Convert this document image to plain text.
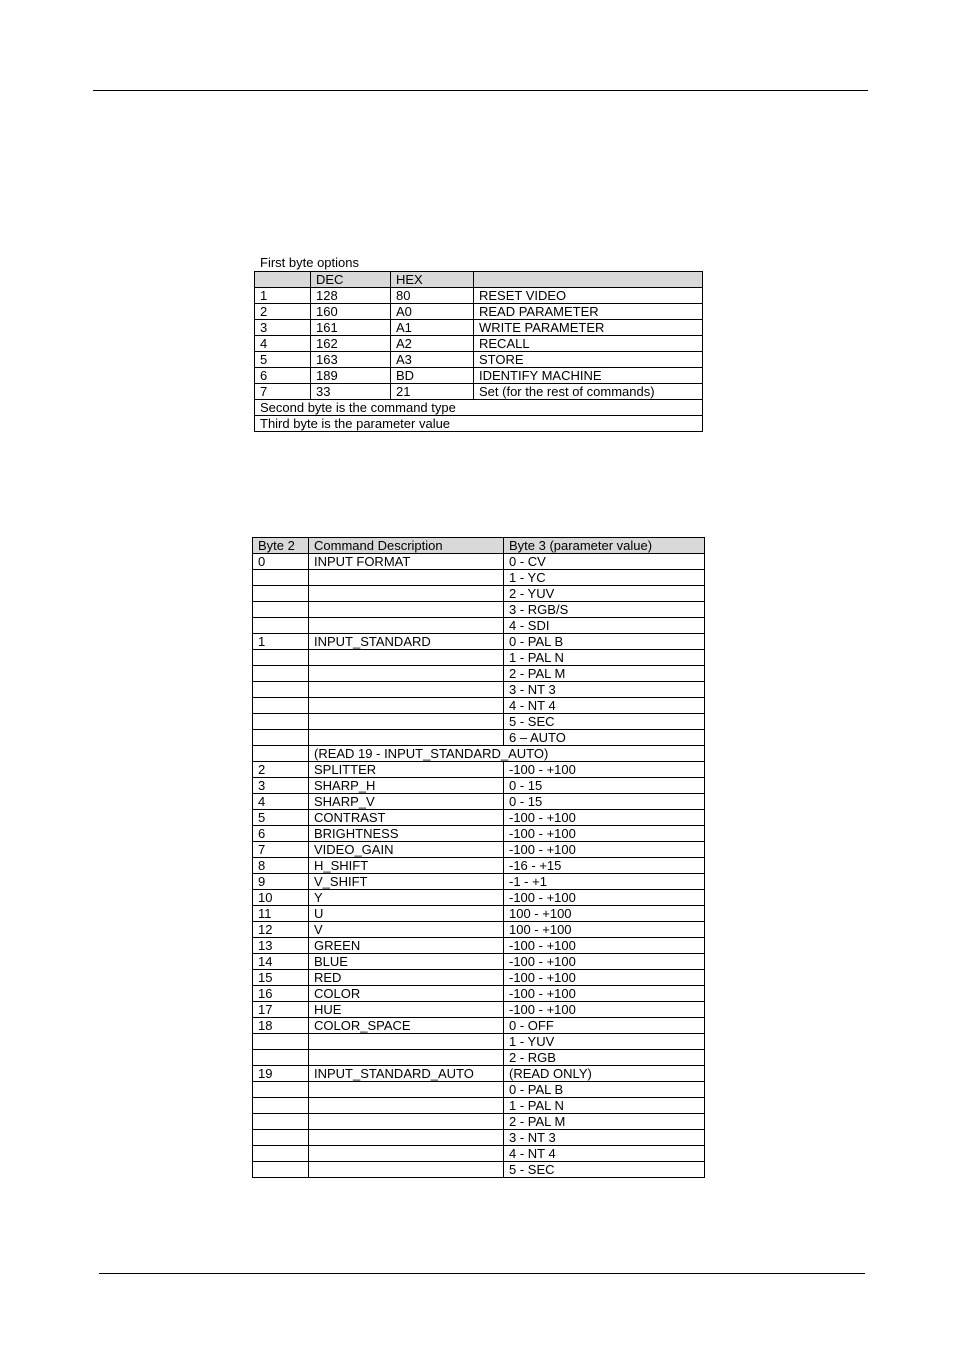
First byte options
	DEC	HEX	
1	128	80	RESET VIDEO
2	160	A0	READ PARAMETER
3	161	A1	WRITE PARAMETER
4	162	A2	RECALL
5	163	A3	STORE
6	189	BD	IDENTIFY MACHINE
7	33	21	Set (for the rest of commands)
Second byte is the command type			
Third byte is the parameter value			
Byte 2	Command Description	Byte 3 (parameter value)
0	INPUT FORMAT	0 - CV
		1 - YC
		2 - YUV
		3 - RGB/S
		4 - SDI
1	INPUT_STANDARD	0 - PAL B
		1 - PAL N
		2 - PAL M
		3 - NT 3
		4 - NT 4
		5 - SEC
		6 – AUTO
	(READ 19 - INPUT_STANDARD_AUTO)	
2	SPLITTER	-100 - +100
3	SHARP_H	0 - 15
4	SHARP_V	0 - 15
5	CONTRAST	-100 - +100
6	BRIGHTNESS	-100 - +100
7	VIDEO_GAIN	-100 - +100
8	H_SHIFT	-16 - +15
9	V_SHIFT	-1 - +1
10	Y	-100 - +100
11	U	100 - +100
12	V	100 - +100
13	GREEN	-100 - +100
14	BLUE	-100 - +100
15	RED	-100 - +100
16	COLOR	-100 - +100
17	HUE	-100 - +100
18	COLOR_SPACE	0 - OFF
		1 - YUV
		2 - RGB
19	INPUT_STANDARD_AUTO	(READ ONLY)
		0 - PAL B
		1 - PAL N
		2 - PAL M
		3 - NT 3
		4 - NT 4
		5 - SEC
